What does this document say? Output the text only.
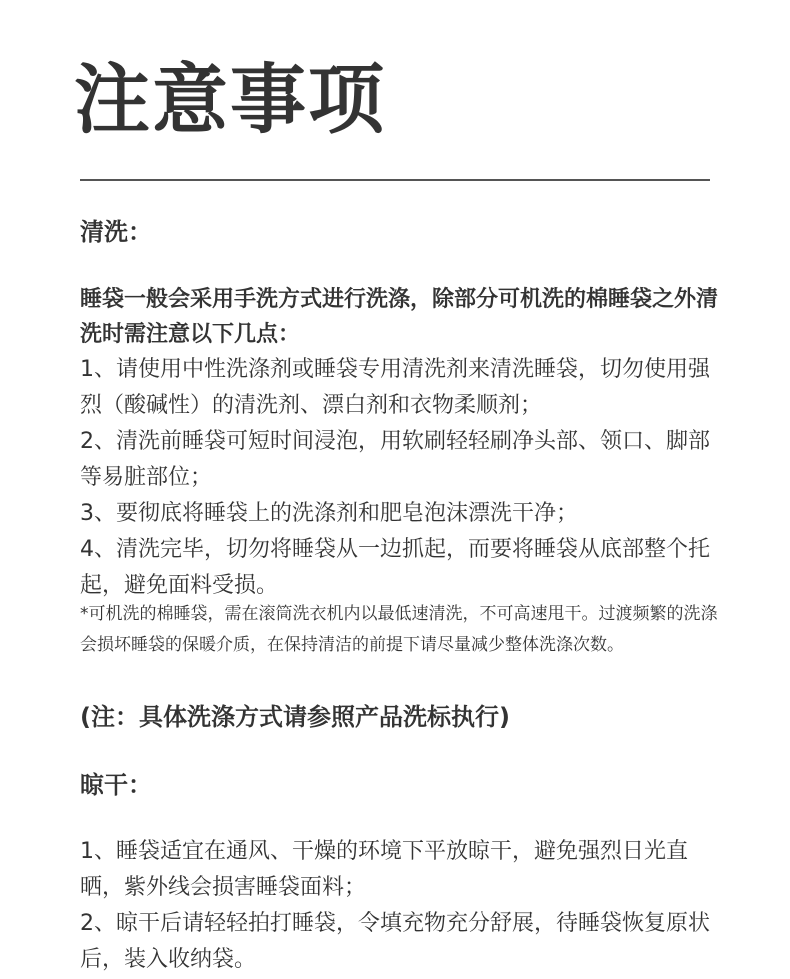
注意事项
清洗：

睡袋一般会采用手洗方式进行洗涤，除部分可机洗的棉睡袋之外清洗时需注意以下几点：

1、请使用中性洗涤剂或睡袋专用清洗剂来清洗睡袋，切勿使用强烈（酸碱性）的清洗剂、漂白剂和衣物柔顺剂；
2、清洗前睡袋可短时间浸泡，用软刷轻轻刷净头部、领口、脚部等易脏部位；
3、要彻底将睡袋上的洗涤剂和肥皂泡沫漂洗干净；
4、清洗完毕，切勿将睡袋从一边抓起，而要将睡袋从底部整个托起，避免面料受损。

*可机洗的棉睡袋，需在滚筒洗衣机内以最低速清洗，不可高速甩干。过渡频繁的洗涤会损坏睡袋的保暖介质，在保持清洁的前提下请尽量减少整体洗涤次数。

(注：具体洗涤方式请参照产品洗标执行)

晾干：
1、睡袋适宜在通风、干燥的环境下平放晾干，避免强烈日光直晒，紫外线会损害睡袋面料；
2、晾干后请轻轻拍打睡袋，令填充物充分舒展，待睡袋恢复原状后，装入收纳袋。
